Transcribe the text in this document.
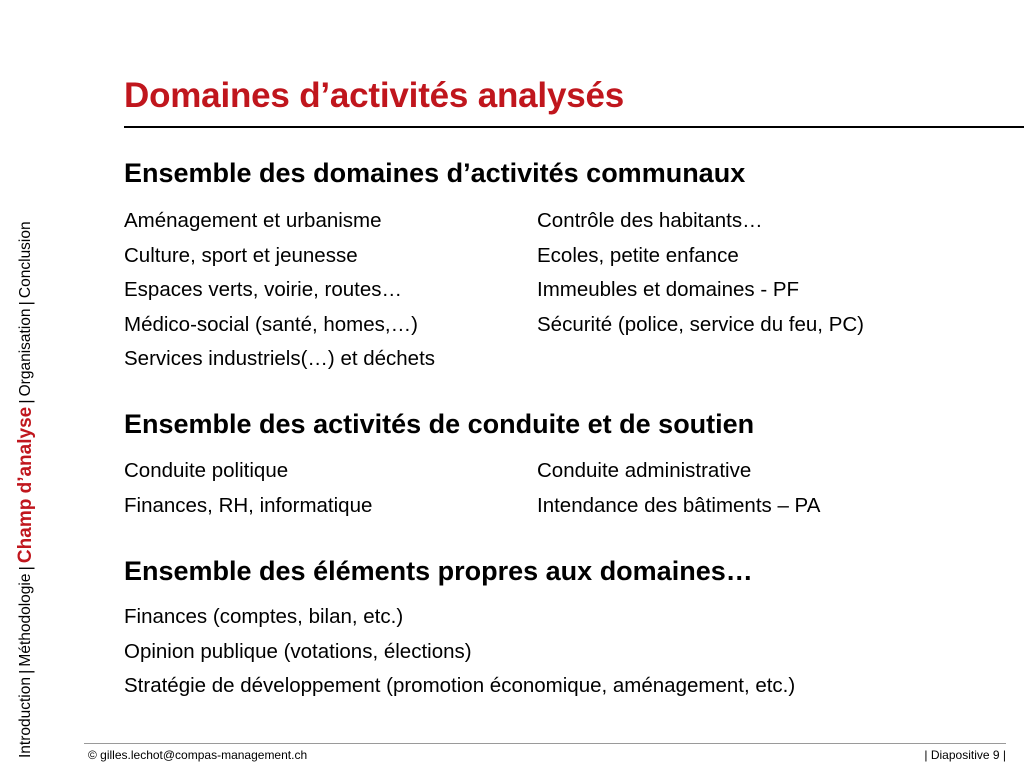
Introduction
|
Méthodologie
|
Champ d’analyse
|
Organisation
|
Conclusion
Domaines d’activités analysés
Ensemble des domaines d’activités communaux
Aménagement et urbanisme
Culture, sport et jeunesse
Espaces verts, voirie, routes…
Médico-social (santé, homes,…)
Services industriels(…) et déchets
Contrôle des habitants…
Ecoles, petite enfance
Immeubles et domaines - PF
Sécurité (police, service du feu, PC)
Ensemble des activités de conduite et de soutien
Conduite politique
Finances, RH, informatique
Conduite administrative
Intendance des bâtiments – PA
Ensemble des éléments propres aux domaines…
Finances (comptes, bilan, etc.)
Opinion publique (votations, élections)
Stratégie de développement (promotion économique, aménagement, etc.)
© gilles.lechot@compas-management.ch	| Diapositive 9 |
